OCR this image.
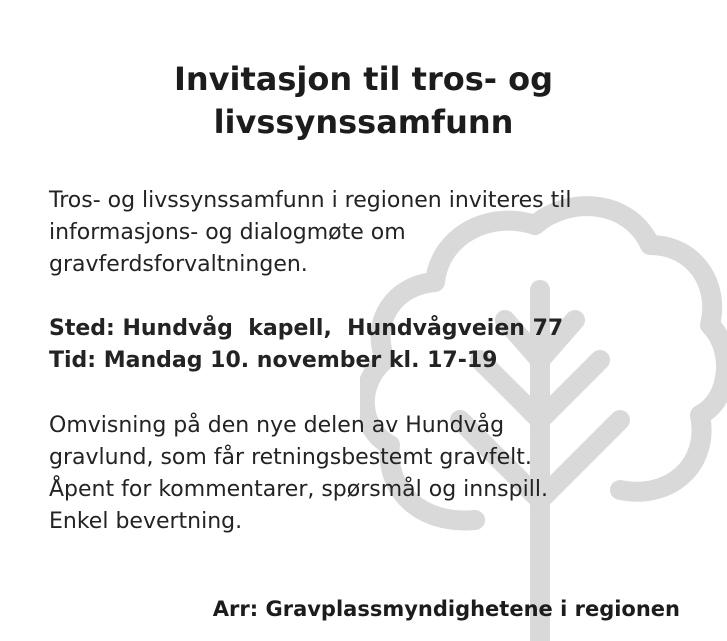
Invitasjon til tros- og
livssynssamfunn
Tros- og livssynssamfunn i regionen inviteres til
informasjons- og dialogmøte om
gravferdsforvaltningen.
Sted: Hundvåg  kapell,  Hundvågveien 77
Tid: Mandag 10. november kl. 17-19
Omvisning på den nye delen av Hundvåg
gravlund, som får retningsbestemt gravfelt.
Åpent for kommentarer, spørsmål og innspill.
Enkel bevertning.
Arr: Gravplassmyndighetene i regionen
